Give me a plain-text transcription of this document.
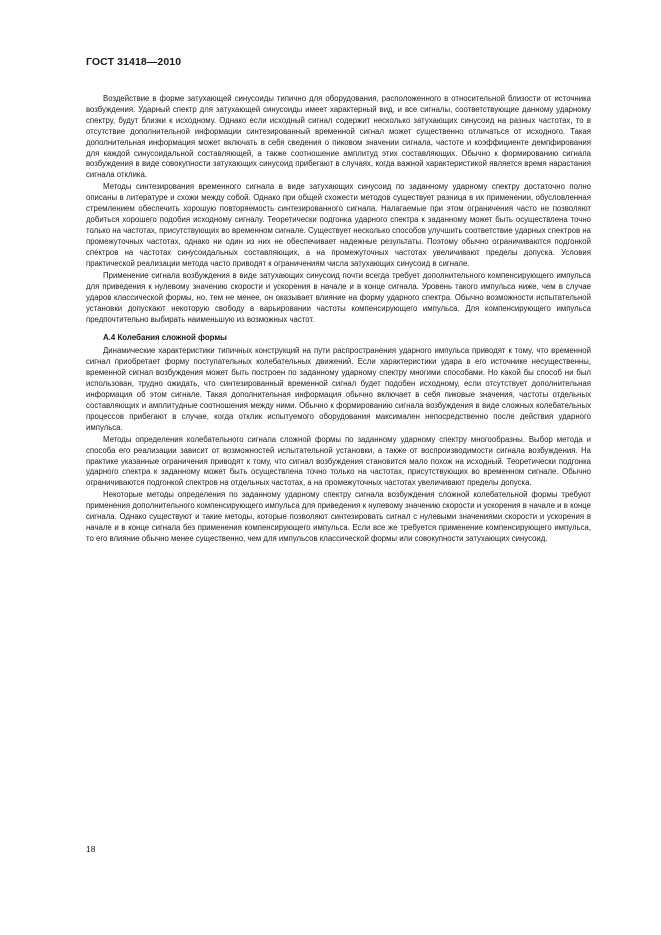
ГОСТ 31418—2010

Воздействие в форме затухающей синусоиды типично для оборудования, расположенного в относительной близости от источника возбуждения. Ударный спектр для затухающей синусоиды имеет характерный вид, и все сигналы, соответствующие данному ударному спектру, будут близки к исходному. Однако если исходный сигнал содержит несколько затухающих синусоид на разных частотах, то в отсутствие дополнительной информации синтезированный временной сигнал может существенно отличаться от исходного. Такая дополнительная информация может включать в себя сведения о пиковом значении сигнала, частоте и коэффициенте демпфирования для каждой синусоидальной составляющей, а также соотношение амплитуд этих составляющих. Обычно к формированию сигнала возбуждения в виде совокупности затухающих синусоид прибегают в случаях, когда важной характеристикой является время нарастания сигнала отклика.

Методы синтезирования временного сигнала в виде затухающих синусоид по заданному ударному спектру достаточно полно описаны в литературе и схожи между собой. Однако при общей схожести методов существует разница в их применении, обусловленная стремлением обеспечить хорошую повторяемость синтезированного сигнала. Налагаемые при этом ограничения часто не позволяют добиться хорошего подобия исходному сигналу. Теоретически подгонка ударного спектра к заданному может быть осуществлена точно только на частотах, присутствующих во временном сигнале. Существует несколько способов улучшить соответствие ударных спектров на промежуточных частотах, однако ни один из них не обеспечивает надежные результаты. Поэтому обычно ограничиваются подгонкой спектров на частотах синусоидальных составляющих, а на промежуточных частотах увеличивают пределы допуска. Условия практической реализации метода часто приводят к ограничениям числа затухающих синусоид в сигнале.

Применение сигнала возбуждения в виде затухающих синусоид почти всегда требует дополнительного компенсирующего импульса для приведения к нулевому значению скорости и ускорения в начале и в конце сигнала. Уровень такого импульса ниже, чем в случае ударов классической формы, но, тем не менее, он оказывает влияние на форму ударного спектра. Обычно возможности испытательной установки допускают некоторую свободу в варьировании частоты компенсирующего импульса. Для компенсирующего импульса предпочтительно выбирать наименьшую из возможных частот.

А.4 Колебания сложной формы

Динамические характеристики типичных конструкций на пути распространения ударного импульса приводят к тому, что временной сигнал приобретает форму поступательных колебательных движений. Если характеристики удара в его источнике несущественны, временной сигнал возбуждения может быть построен по заданному ударному спектру многими способами. Но какой бы способ ни был использован, трудно ожидать, что синтезированный временной сигнал будет подобен исходному, если отсутствует дополнительная информация об этом сигнале. Такая дополнительная информация обычно включает в себя пиковые значения, частоты отдельных составляющих и амплитудные соотношения между ними. Обычно к формированию сигнала возбуждения в виде сложных колебательных процессов прибегают в случае, когда отклик испытуемого оборудования максимален непосредственно после действия ударного импульса.

Методы определения колебательного сигнала сложной формы по заданному ударному спектру многообразны. Выбор метода и способа его реализации зависит от возможностей испытательной установки, а также от воспроизводимости сигнала возбуждения. На практике указанные ограничения приводят к тому, что сигнал возбуждения становится мало похож на исходный. Теоретически подгонка ударного спектра к заданному может быть осуществлена точно только на частотах, присутствующих во временном сигнале. Обычно ограничиваются подгонкой спектров на отдельных частотах, а на промежуточных частотах увеличивают пределы допуска.

Некоторые методы определения по заданному ударному спектру сигнала возбуждения сложной колебательной формы требуют применения дополнительного компенсирующего импульса для приведения к нулевому значению скорости и ускорения в начале и в конце сигнала. Однако существуют и такие методы, которые позволяют синтезировать сигнал с нулевыми значениями скорости и ускорения в начале и в конце сигнала без применения компенсирующего импульса. Если все же требуется применение компенсирующего импульса, то его влияние обычно менее существенно, чем для импульсов классической формы или совокупности затухающих синусоид.

18
